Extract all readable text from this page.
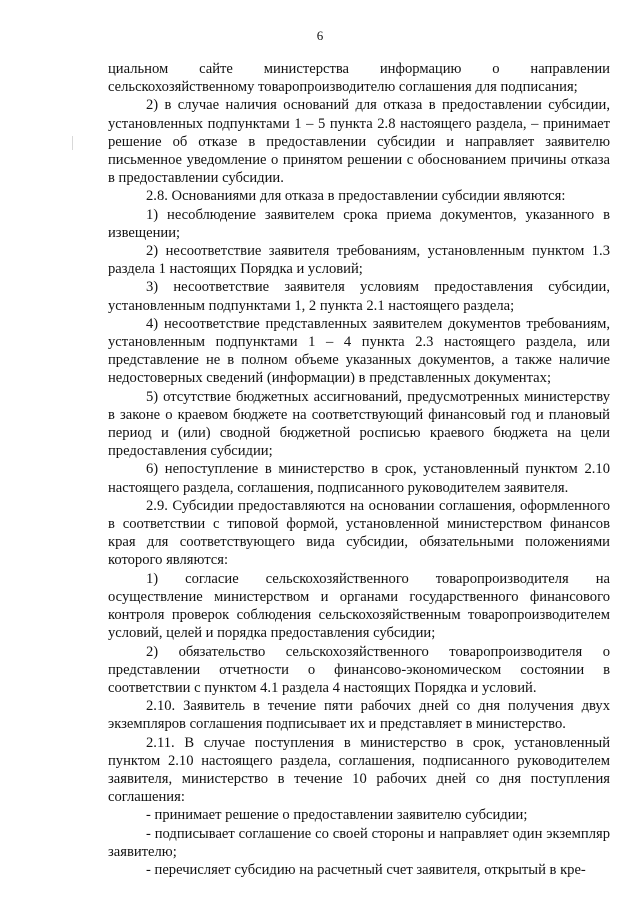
6

циальном сайте министерства информацию о направлении сельскохозяйственному товаропроизводителю соглашения для подписания;

2) в случае наличия оснований для отказа в предоставлении субсидии, установленных подпунктами 1 – 5 пункта 2.8 настоящего раздела, – принимает решение об отказе в предоставлении субсидии и направляет заявителю письменное уведомление о принятом решении с обоснованием причины отказа в предоставлении субсидии.

2.8. Основаниями для отказа в предоставлении субсидии являются:

1) несоблюдение заявителем срока приема документов, указанного в извещении;

2) несоответствие заявителя требованиям, установленным пунктом 1.3 раздела 1 настоящих Порядка и условий;

3) несоответствие заявителя условиям предоставления субсидии, установленным подпунктами 1, 2 пункта 2.1 настоящего раздела;

4) несоответствие представленных заявителем документов требованиям, установленным подпунктами 1 – 4 пункта 2.3 настоящего раздела, или представление не в полном объеме указанных документов, а также наличие недостоверных сведений (информации) в представленных документах;

5) отсутствие бюджетных ассигнований, предусмотренных министерству в законе о краевом бюджете на соответствующий финансовый год и плановый период и (или) сводной бюджетной росписью краевого бюджета на цели предоставления субсидии;

6) непоступление в министерство в срок, установленный пунктом 2.10 настоящего раздела, соглашения, подписанного руководителем заявителя.

2.9. Субсидии предоставляются на основании соглашения, оформленного в соответствии с типовой формой, установленной министерством финансов края для соответствующего вида субсидии, обязательными положениями которого являются:

1) согласие сельскохозяйственного товаропроизводителя на осуществление министерством и органами государственного финансового контроля проверок соблюдения сельскохозяйственным товаропроизводителем условий, целей и порядка предоставления субсидии;

2) обязательство сельскохозяйственного товаропроизводителя о представлении отчетности о финансово-экономическом состоянии в соответствии с пунктом 4.1 раздела 4 настоящих Порядка и условий.

2.10. Заявитель в течение пяти рабочих дней со дня получения двух экземпляров соглашения подписывает их и представляет в министерство.

2.11. В случае поступления в министерство в срок, установленный пунктом 2.10 настоящего раздела, соглашения, подписанного руководителем заявителя, министерство в течение 10 рабочих дней со дня поступления соглашения:

- принимает решение о предоставлении заявителю субсидии;

- подписывает соглашение со своей стороны и направляет один экземпляр заявителю;

- перечисляет субсидию на расчетный счет заявителя, открытый в кре-
